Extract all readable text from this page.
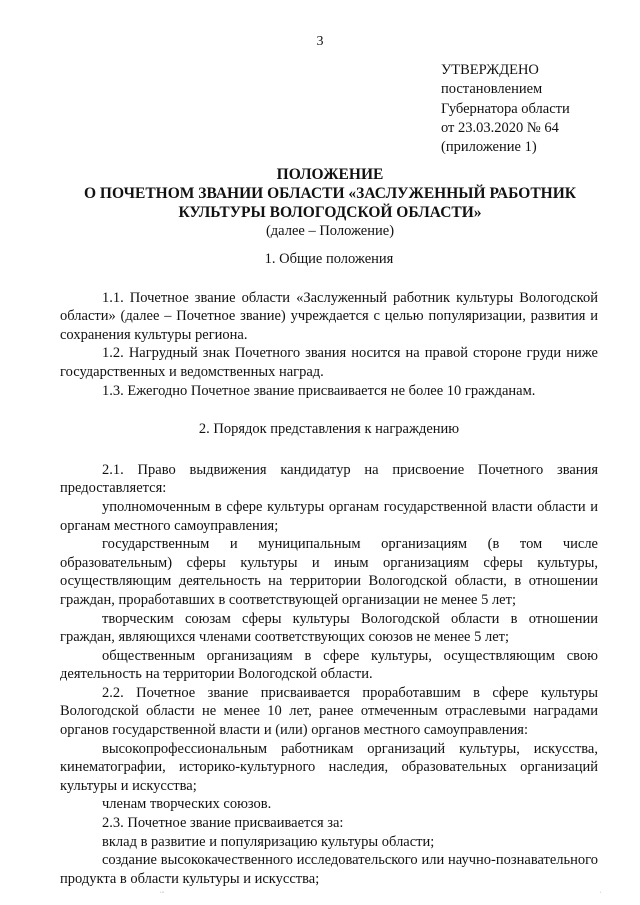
3
УТВЕРЖДЕНО
постановлением
Губернатора области
от 23.03.2020 № 64
(приложение 1)
ПОЛОЖЕНИЕ
О ПОЧЕТНОМ ЗВАНИИ ОБЛАСТИ «ЗАСЛУЖЕННЫЙ РАБОТНИК
КУЛЬТУРЫ ВОЛОГОДСКОЙ ОБЛАСТИ»
(далее – Положение)

1. Общие положения

1.1. Почетное звание области «Заслуженный работник культуры Вологодской области» (далее – Почетное звание) учреждается с целью популяризации, развития и сохранения культуры региона.

1.2. Нагрудный знак Почетного звания носится на правой стороне груди ниже государственных и ведомственных наград.

1.3. Ежегодно Почетное звание присваивается не более 10 гражданам.

2. Порядок представления к награждению

2.1. Право выдвижения кандидатур на присвоение Почетного звания предоставляется:

уполномоченным в сфере культуры органам государственной власти области и органам местного самоуправления;

государственным и муниципальным организациям (в том числе образовательным) сферы культуры и иным организациям сферы культуры, осуществляющим деятельность на территории Вологодской области, в отношении граждан, проработавших в соответствующей организации не менее 5 лет;

творческим союзам сферы культуры Вологодской области в отношении граждан, являющихся членами соответствующих союзов не менее 5 лет;

общественным организациям в сфере культуры, осуществляющим свою деятельность на территории Вологодской области.

2.2. Почетное звание присваивается проработавшим в сфере культуры Вологодской области не менее 10 лет, ранее отмеченным отраслевыми наградами органов государственной власти и (или) органов местного самоуправления:

высокопрофессиональным работникам организаций культуры, искусства, кинематографии, историко-культурного наследия, образовательных организаций культуры и искусства;

членам творческих союзов.

2.3. Почетное звание присваивается за:

вклад в развитие и популяризацию культуры области;

создание высококачественного исследовательского или научно-познавательного продукта в области культуры и искусства;

∙∙∙	∙
